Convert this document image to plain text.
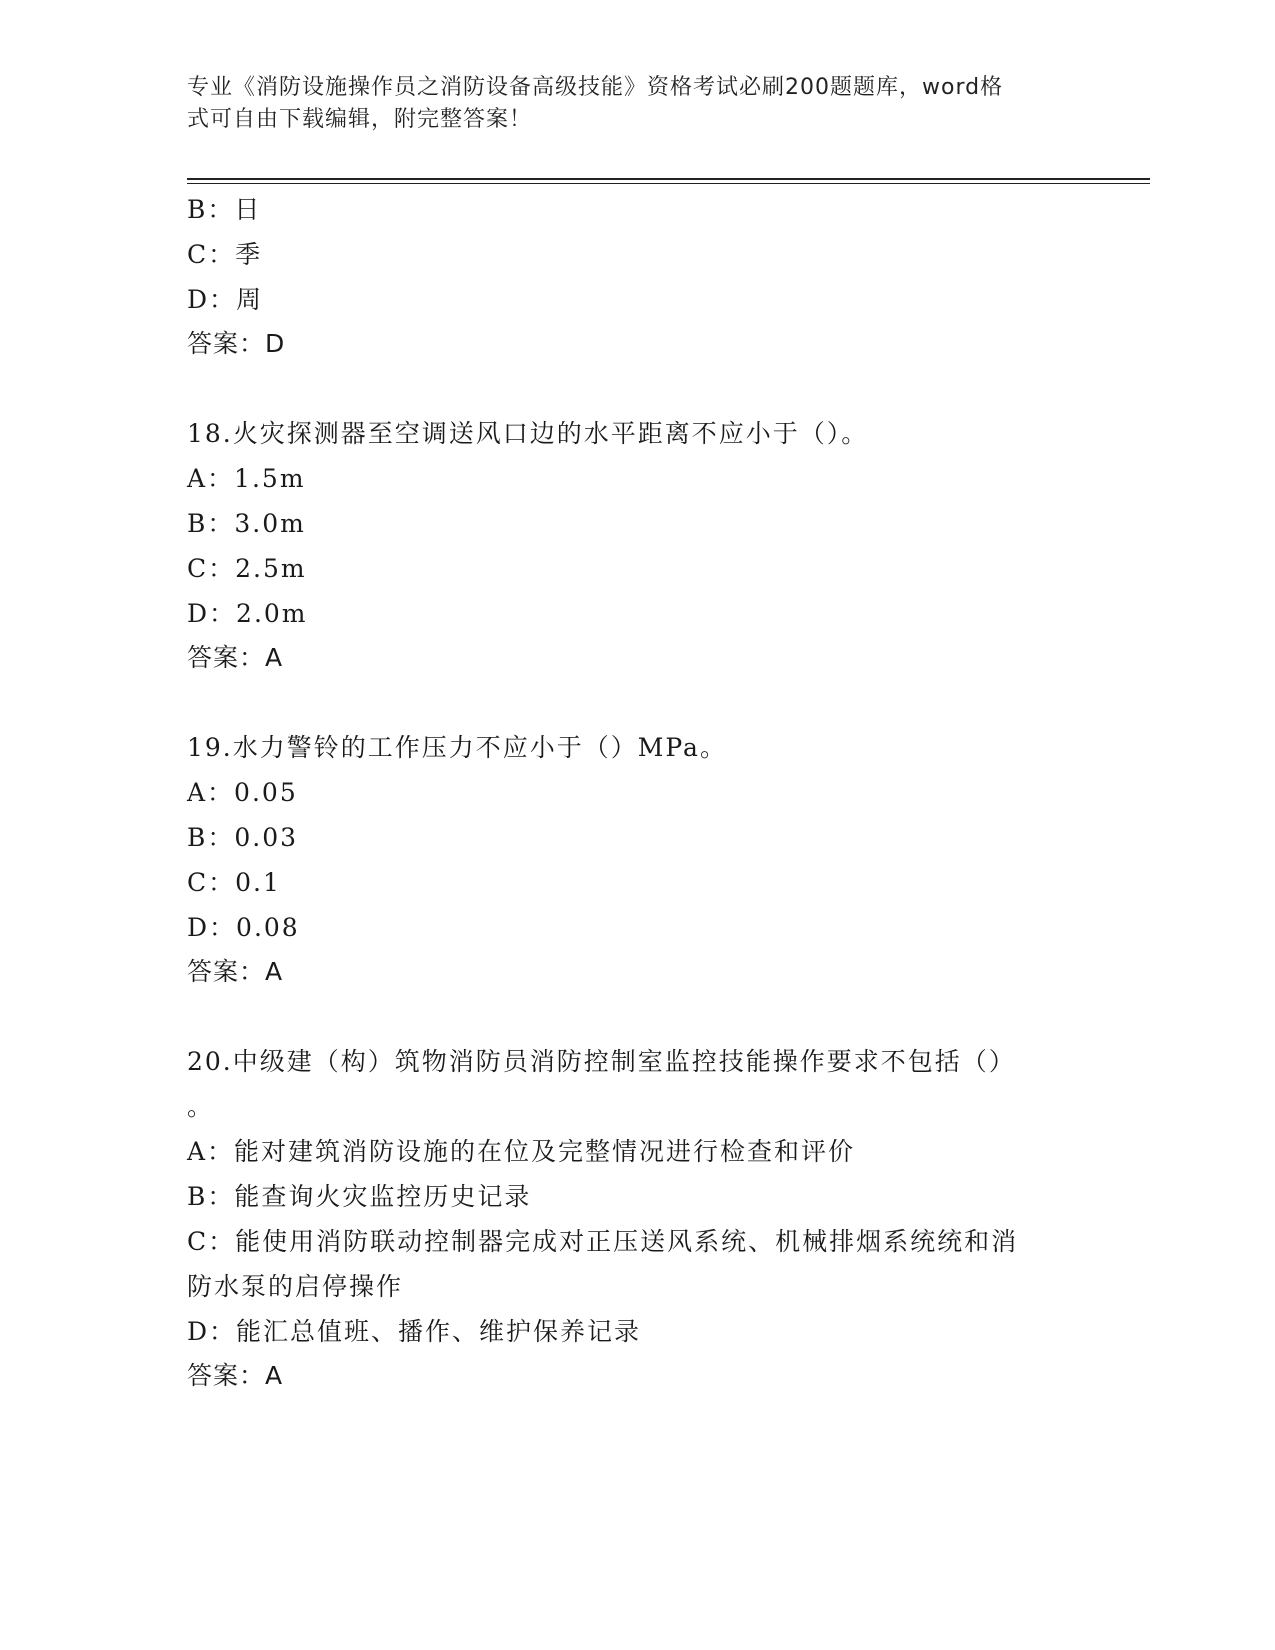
专业《消防设施操作员之消防设备高级技能》资格考试必刷200题题库，word格
式可自由下载编辑，附完整答案！
B：日
C：季
D：周
答案：D
18.火灾探测器至空调送风口边的水平距离不应小于（）。
A：1.5m
B：3.0m
C：2.5m
D：2.0m
答案：A
19.水力警铃的工作压力不应小于（）MPa。
A：0.05
B：0.03
C：0.1
D：0.08
答案：A
20.中级建（构）筑物消防员消防控制室监控技能操作要求不包括（）
。
A：能对建筑消防设施的在位及完整情况进行检查和评价
B：能查询火灾监控历史记录
C：能使用消防联动控制器完成对正压送风系统、机械排烟系统统和消
防水泵的启停操作
D：能汇总值班、播作、维护保养记录
答案：A
